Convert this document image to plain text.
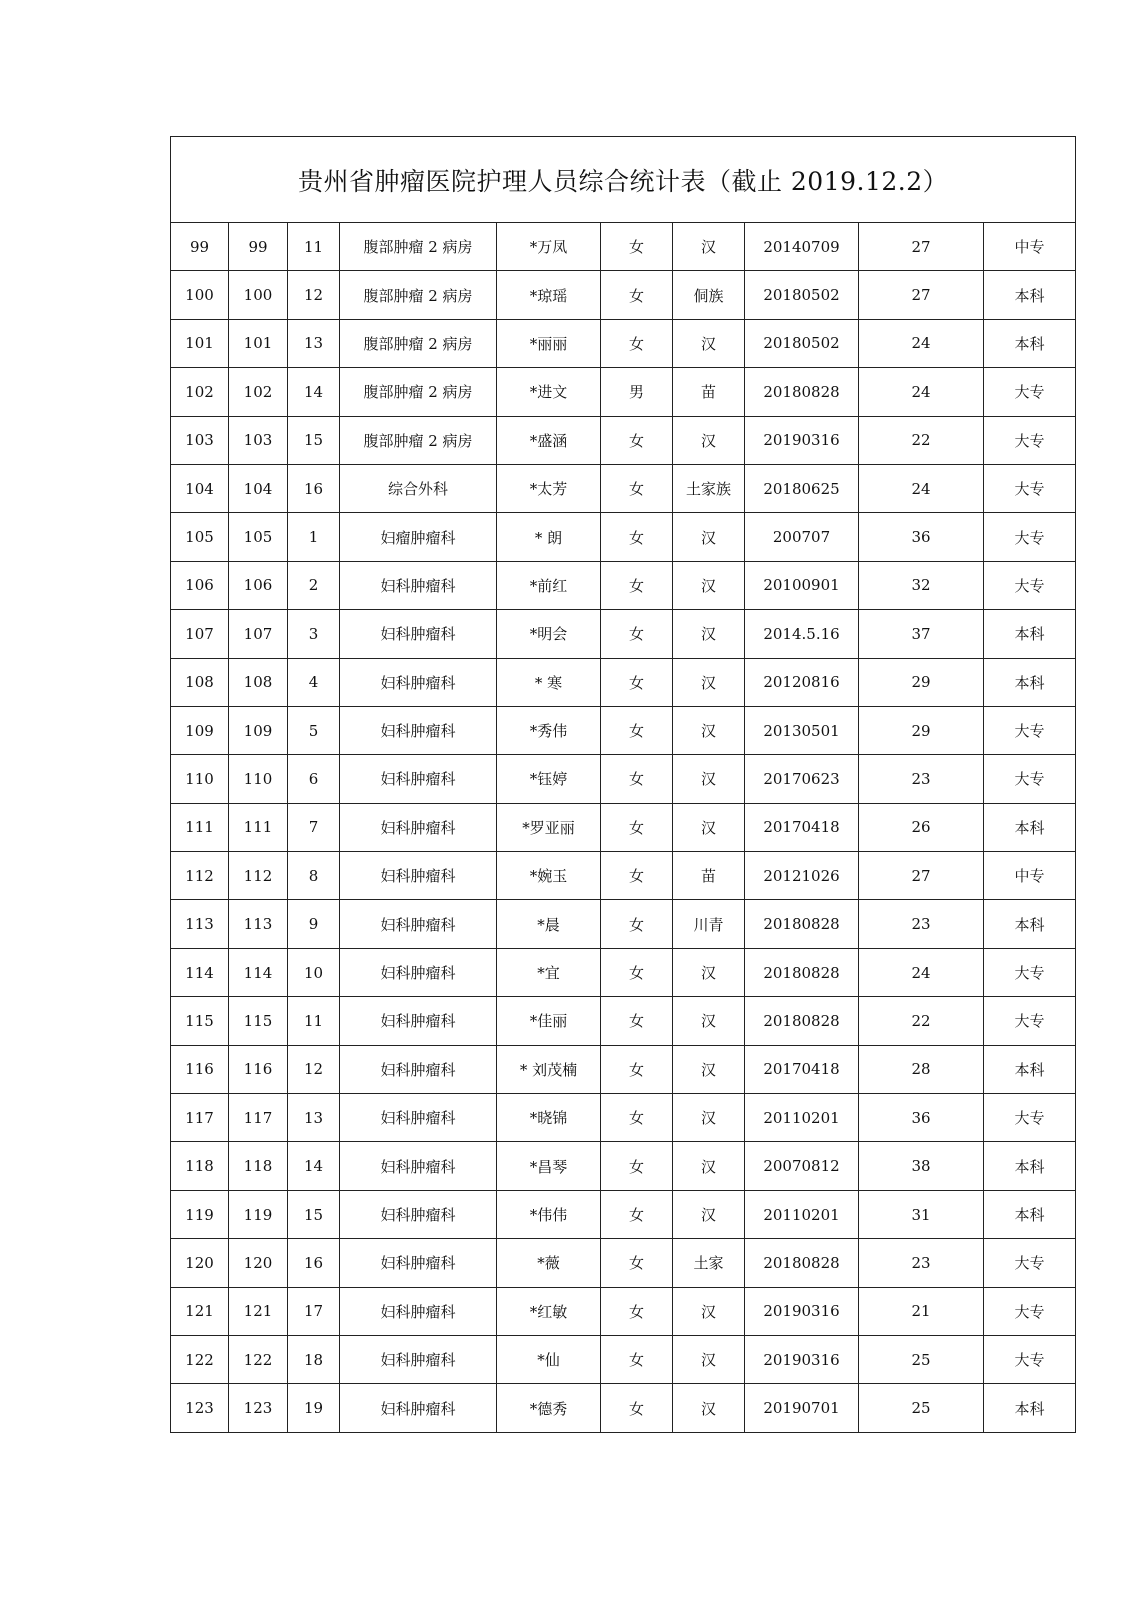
贵州省肿瘤医院护理人员综合统计表（截止 2019.12.2）									
99	99	11	腹部肿瘤 2 病房	*万凤	女	汉	20140709	27	中专
100	100	12	腹部肿瘤 2 病房	*琼瑶	女	侗族	20180502	27	本科
101	101	13	腹部肿瘤 2 病房	*丽丽	女	汉	20180502	24	本科
102	102	14	腹部肿瘤 2 病房	*进文	男	苗	20180828	24	大专
103	103	15	腹部肿瘤 2 病房	*盛涵	女	汉	20190316	22	大专
104	104	16	综合外科	*太芳	女	土家族	20180625	24	大专
105	105	1	妇瘤肿瘤科	* 朗	女	汉	200707	36	大专
106	106	2	妇科肿瘤科	*前红	女	汉	20100901	32	大专
107	107	3	妇科肿瘤科	*明会	女	汉	2014.5.16	37	本科
108	108	4	妇科肿瘤科	* 寒	女	汉	20120816	29	本科
109	109	5	妇科肿瘤科	*秀伟	女	汉	20130501	29	大专
110	110	6	妇科肿瘤科	*钰婷	女	汉	20170623	23	大专
111	111	7	妇科肿瘤科	*罗亚丽	女	汉	20170418	26	本科
112	112	8	妇科肿瘤科	*婉玉	女	苗	20121026	27	中专
113	113	9	妇科肿瘤科	*晨	女	川青	20180828	23	本科
114	114	10	妇科肿瘤科	*宜	女	汉	20180828	24	大专
115	115	11	妇科肿瘤科	*佳丽	女	汉	20180828	22	大专
116	116	12	妇科肿瘤科	* 刘茂楠	女	汉	20170418	28	本科
117	117	13	妇科肿瘤科	*晓锦	女	汉	20110201	36	大专
118	118	14	妇科肿瘤科	*昌琴	女	汉	20070812	38	本科
119	119	15	妇科肿瘤科	*伟伟	女	汉	20110201	31	本科
120	120	16	妇科肿瘤科	*薇	女	土家	20180828	23	大专
121	121	17	妇科肿瘤科	*红敏	女	汉	20190316	21	大专
122	122	18	妇科肿瘤科	*仙	女	汉	20190316	25	大专
123	123	19	妇科肿瘤科	*德秀	女	汉	20190701	25	本科
